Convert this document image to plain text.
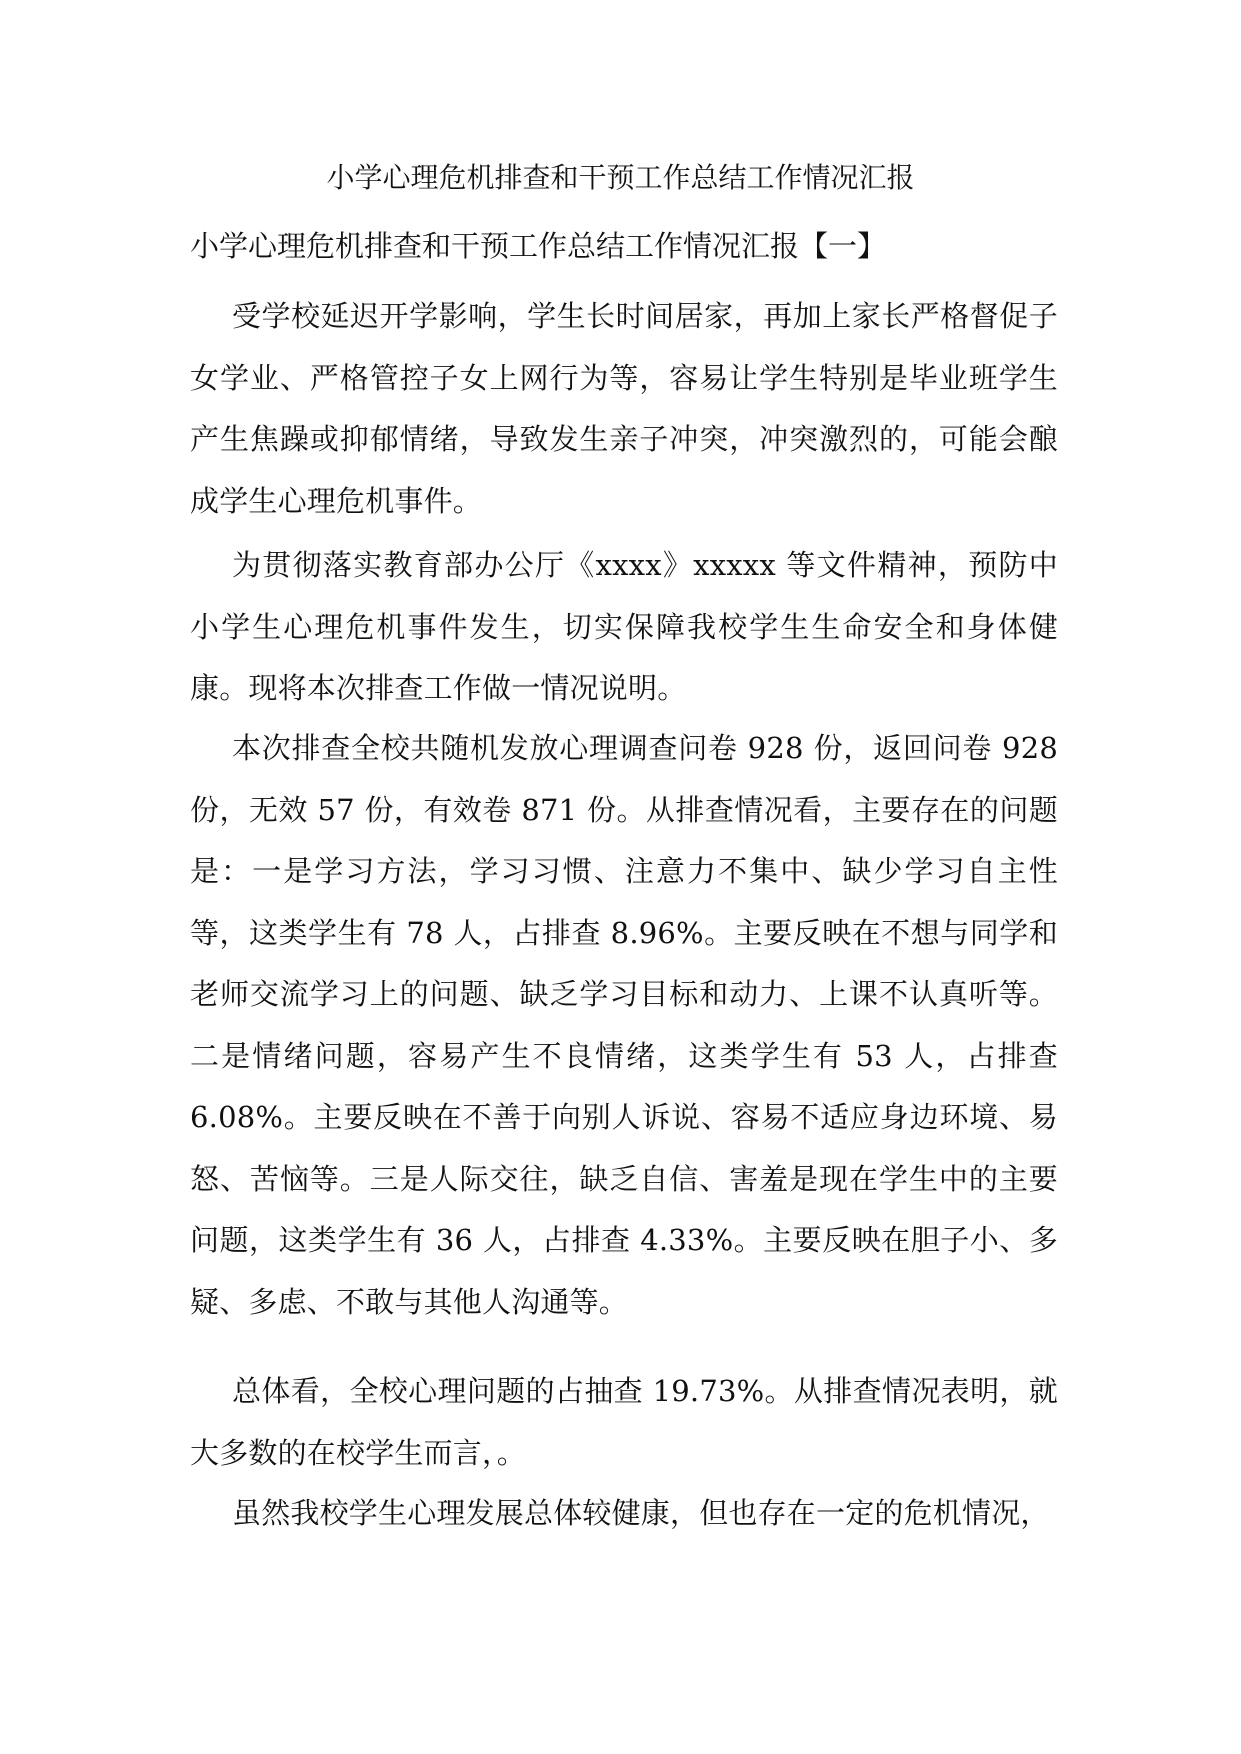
小学心理危机排查和干预工作总结工作情况汇报
小学心理危机排查和干预工作总结工作情况汇报【一】

受学校延迟开学影响，学生长时间居家，再加上家长严格督促子女学业、严格管控子女上网行为等，容易让学生特别是毕业班学生产生焦躁或抑郁情绪，导致发生亲子冲突，冲突激烈的，可能会酿成学生心理危机事件。

为贯彻落实教育部办公厅《xxxx》xxxxx 等文件精神，预防中小学生心理危机事件发生，切实保障我校学生生命安全和身体健康。现将本次排查工作做一情况说明。

本次排查全校共随机发放心理调查问卷 928 份，返回问卷 928 份，无效 57 份，有效卷 871 份。从排查情况看，主要存在的问题是：一是学习方法，学习习惯、注意力不集中、缺少学习自主性等，这类学生有 78 人，占排查 8.96%。主要反映在不想与同学和老师交流学习上的问题、缺乏学习目标和动力、上课不认真听等。二是情绪问题，容易产生不良情绪，这类学生有 53 人，占排查 6.08%。主要反映在不善于向别人诉说、容易不适应身边环境、易怒、苦恼等。三是人际交往，缺乏自信、害羞是现在学生中的主要问题，这类学生有 36 人，占排查 4.33%。主要反映在胆子小、多疑、多虑、不敢与其他人沟通等。

总体看，全校心理问题的占抽查 19.73%。从排查情况表明，就大多数的在校学生而言，。

虽然我校学生心理发展总体较健康，但也存在一定的危机情况，
